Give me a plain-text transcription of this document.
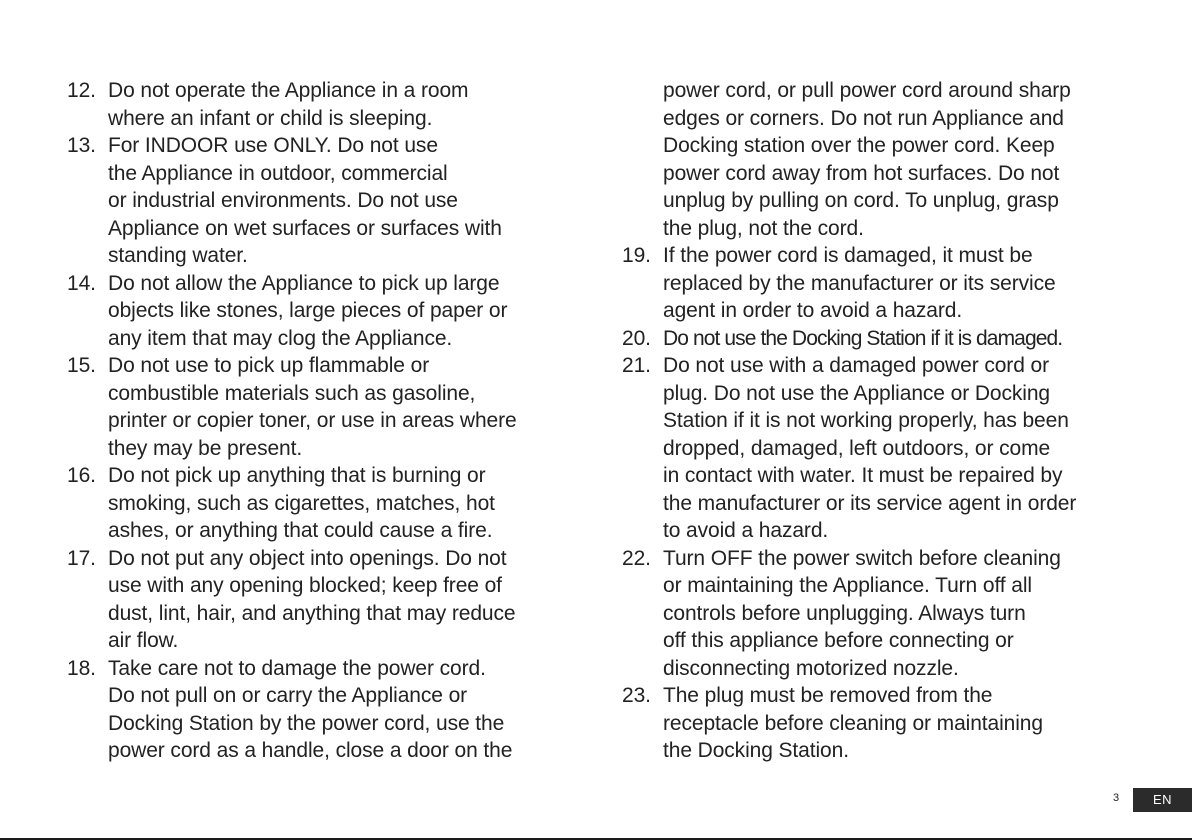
12. Do not operate the Appliance in a room
where an infant or child is sleeping.
13. For INDOOR use ONLY. Do not use
the Appliance in outdoor, commercial
or industrial environments. Do not use
Appliance on wet surfaces or surfaces with
standing water.
14. Do not allow the Appliance to pick up large
objects like stones, large pieces of paper or
any item that may clog the Appliance.
15. Do not use to pick up flammable or
combustible materials such as gasoline,
printer or copier toner, or use in areas where
they may be present.
16. Do not pick up anything that is burning or
smoking, such as cigarettes, matches, hot
ashes, or anything that could cause a fire.
17. Do not put any object into openings. Do not
use with any opening blocked; keep free of
dust, lint, hair, and anything that may reduce
air flow.
18. Take care not to damage the power cord.
Do not pull on or carry the Appliance or
Docking Station by the power cord, use the
power cord as a handle, close a door on the
power cord, or pull power cord around sharp
edges or corners. Do not run Appliance and
Docking station over the power cord. Keep
power cord away from hot surfaces. Do not
unplug by pulling on cord. To unplug, grasp
the plug, not the cord.
19. If the power cord is damaged, it must be
replaced by the manufacturer or its service
agent in order to avoid a hazard.
20. Do not use the Docking Station if it is damaged.
21. Do not use with a damaged power cord or
plug. Do not use the Appliance or Docking
Station if it is not working properly, has been
dropped, damaged, left outdoors, or come
in contact with water. It must be repaired by
the manufacturer or its service agent in order
to avoid a hazard.
22. Turn OFF the power switch before cleaning
or maintaining the Appliance. Turn off all
controls before unplugging. Always turn
off this appliance before connecting or
disconnecting motorized nozzle.
23. The plug must be removed from the
receptacle before cleaning or maintaining
the Docking Station.
3	EN
